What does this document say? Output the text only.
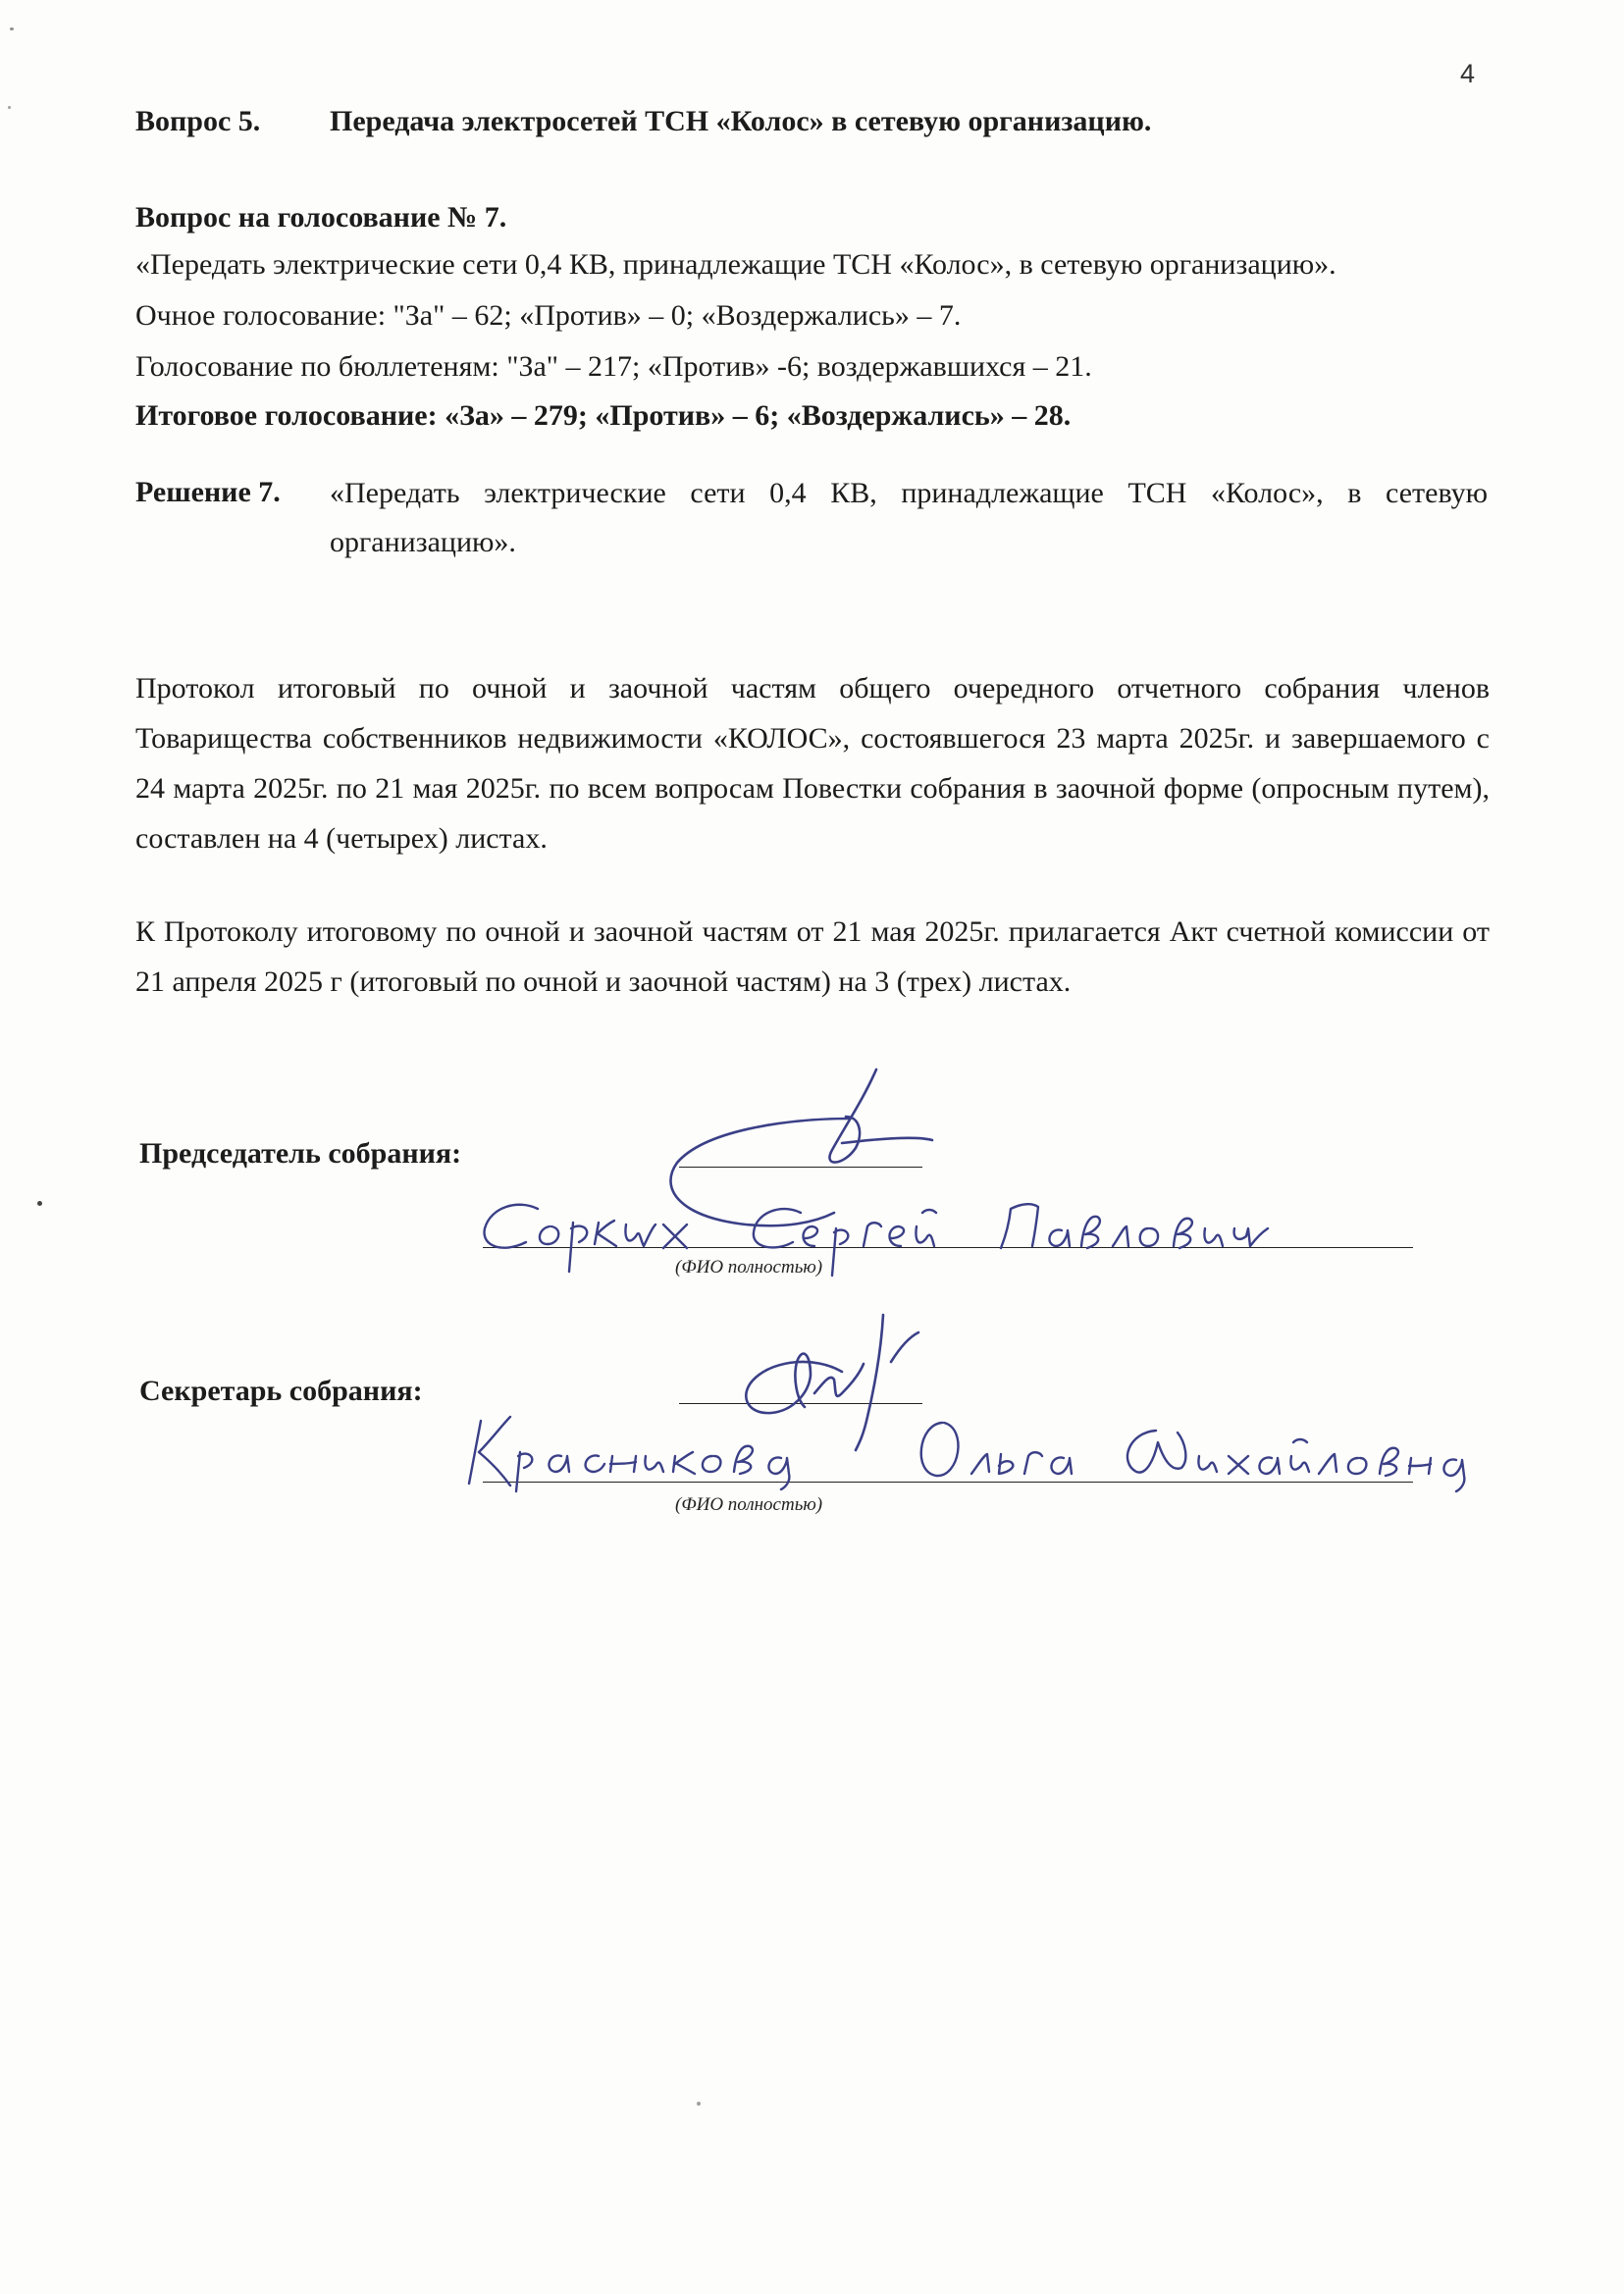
4
Вопрос 5. Передача электросетей ТСН «Колос» в сетевую организацию.
Вопрос на голосование № 7.
«Передать электрические сети 0,4 КВ, принадлежащие ТСН «Колос», в сетевую организацию».
Очное голосование: "За" – 62; «Против» – 0; «Воздержались» – 7.
Голосование по бюллетеням: "За" – 217; «Против» -6; воздержавшихся – 21.
Итоговое голосование: «За» – 279; «Против» – 6; «Воздержались» – 28.
Решение 7. «Передать электрические сети 0,4 КВ, принадлежащие ТСН «Колос», в сетевую организацию».
Протокол итоговый по очной и заочной частям общего очередного отчетного собрания членов Товарищества собственников недвижимости «КОЛОС», состоявшегося 23 марта 2025г. и завершаемого с 24 марта 2025г. по 21 мая 2025г. по всем вопросам Повестки собрания в заочной форме (опросным путем), составлен на 4 (четырех) листах.
К Протоколу итоговому по очной и заочной частям от 21 мая 2025г. прилагается Акт счетной комиссии от 21 апреля 2025 г (итоговый по очной и заочной частям) на 3 (трех) листах.
Председатель собрания:
(ФИО полностью)
Секретарь собрания:
(ФИО полностью)
